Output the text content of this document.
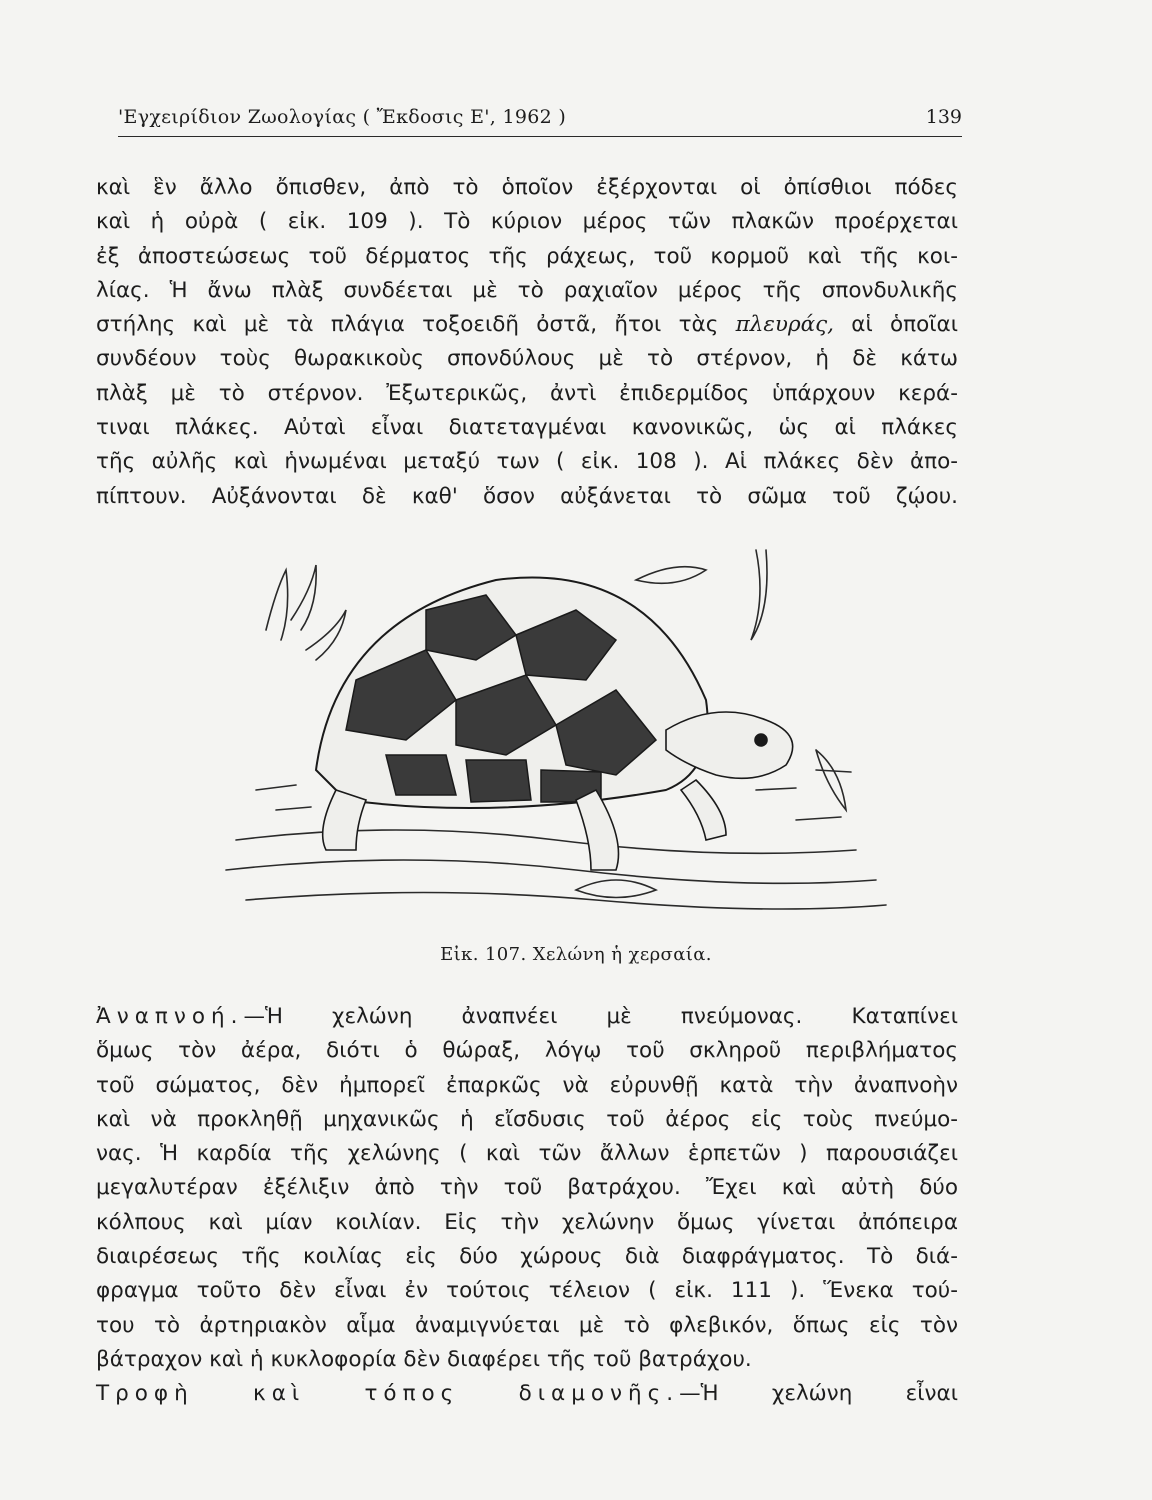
'Εγχειρίδιον Ζωολογίας ( Ἔκδοσις Ε', 1962 )	139
καὶ ἓν ἄλλο ὄπισθεν, ἀπὸ τὸ ὁποῖον ἐξέρχονται οἱ ὀπίσθιοι πόδες
καὶ ἡ οὐρὰ ( εἰκ. 109 ). Τὸ κύριον μέρος τῶν πλακῶν προέρχεται
ἐξ ἀποστεώσεως τοῦ δέρματος τῆς ράχεως, τοῦ κορμοῦ καὶ τῆς κοι-
λίας. Ἡ ἄνω πλὰξ συνδέεται μὲ τὸ ραχιαῖον μέρος τῆς σπονδυλικῆς
στήλης καὶ μὲ τὰ πλάγια τοξοειδῆ ὀστᾶ, ἤτοι τὰς πλευράς, αἱ ὁποῖαι
συνδέουν τοὺς θωρακικοὺς σπονδύλους μὲ τὸ στέρνον, ἡ δὲ κάτω
πλὰξ μὲ τὸ στέρνον. Ἐξωτερικῶς, ἀντὶ ἐπιδερμίδος ὑπάρχουν κερά-
τιναι πλάκες. Αὐταὶ εἶναι διατεταγμέναι κανονικῶς, ὡς αἱ πλάκες
τῆς αὐλῆς καὶ ἡνωμέναι μεταξύ των ( εἰκ. 108 ). Αἱ πλάκες δὲν ἀπο-
πίπτουν. Αὐξάνονται δὲ καθ' ὅσον αὐξάνεται τὸ σῶμα τοῦ ζῴου.
Εἰκ. 107. Χελώνη ἡ χερσαία.
Ἀναπνοή.—Ἡ χελώνη ἀναπνέει μὲ πνεύμονας. Καταπίνει
ὅμως τὸν ἀέρα, διότι ὁ θώραξ, λόγῳ τοῦ σκληροῦ περιβλήματος
τοῦ σώματος, δὲν ἠμπορεῖ ἐπαρκῶς νὰ εὐρυνθῇ κατὰ τὴν ἀναπνοὴν
καὶ νὰ προκληθῇ μηχανικῶς ἡ εἴσδυσις τοῦ ἀέρος εἰς τοὺς πνεύμο-
νας. Ἡ καρδία τῆς χελώνης ( καὶ τῶν ἄλλων ἑρπετῶν ) παρουσιάζει
μεγαλυτέραν ἐξέλιξιν ἀπὸ τὴν τοῦ βατράχου. Ἔχει καὶ αὐτὴ δύο
κόλπους καὶ μίαν κοιλίαν. Εἰς τὴν χελώνην ὅμως γίνεται ἀπόπειρα
διαιρέσεως τῆς κοιλίας εἰς δύο χώρους διὰ διαφράγματος. Τὸ διά-
φραγμα τοῦτο δὲν εἶναι ἐν τούτοις τέλειον ( εἰκ. 111 ). Ἕνεκα τού-
του τὸ ἀρτηριακὸν αἷμα ἀναμιγνύεται μὲ τὸ φλεβικόν, ὅπως εἰς τὸν
βάτραχον καὶ ἡ κυκλοφορία δὲν διαφέρει τῆς τοῦ βατράχου.
Τροφὴ καὶ τόπος διαμονῆς.—Ἡ χελώνη εἶναι
